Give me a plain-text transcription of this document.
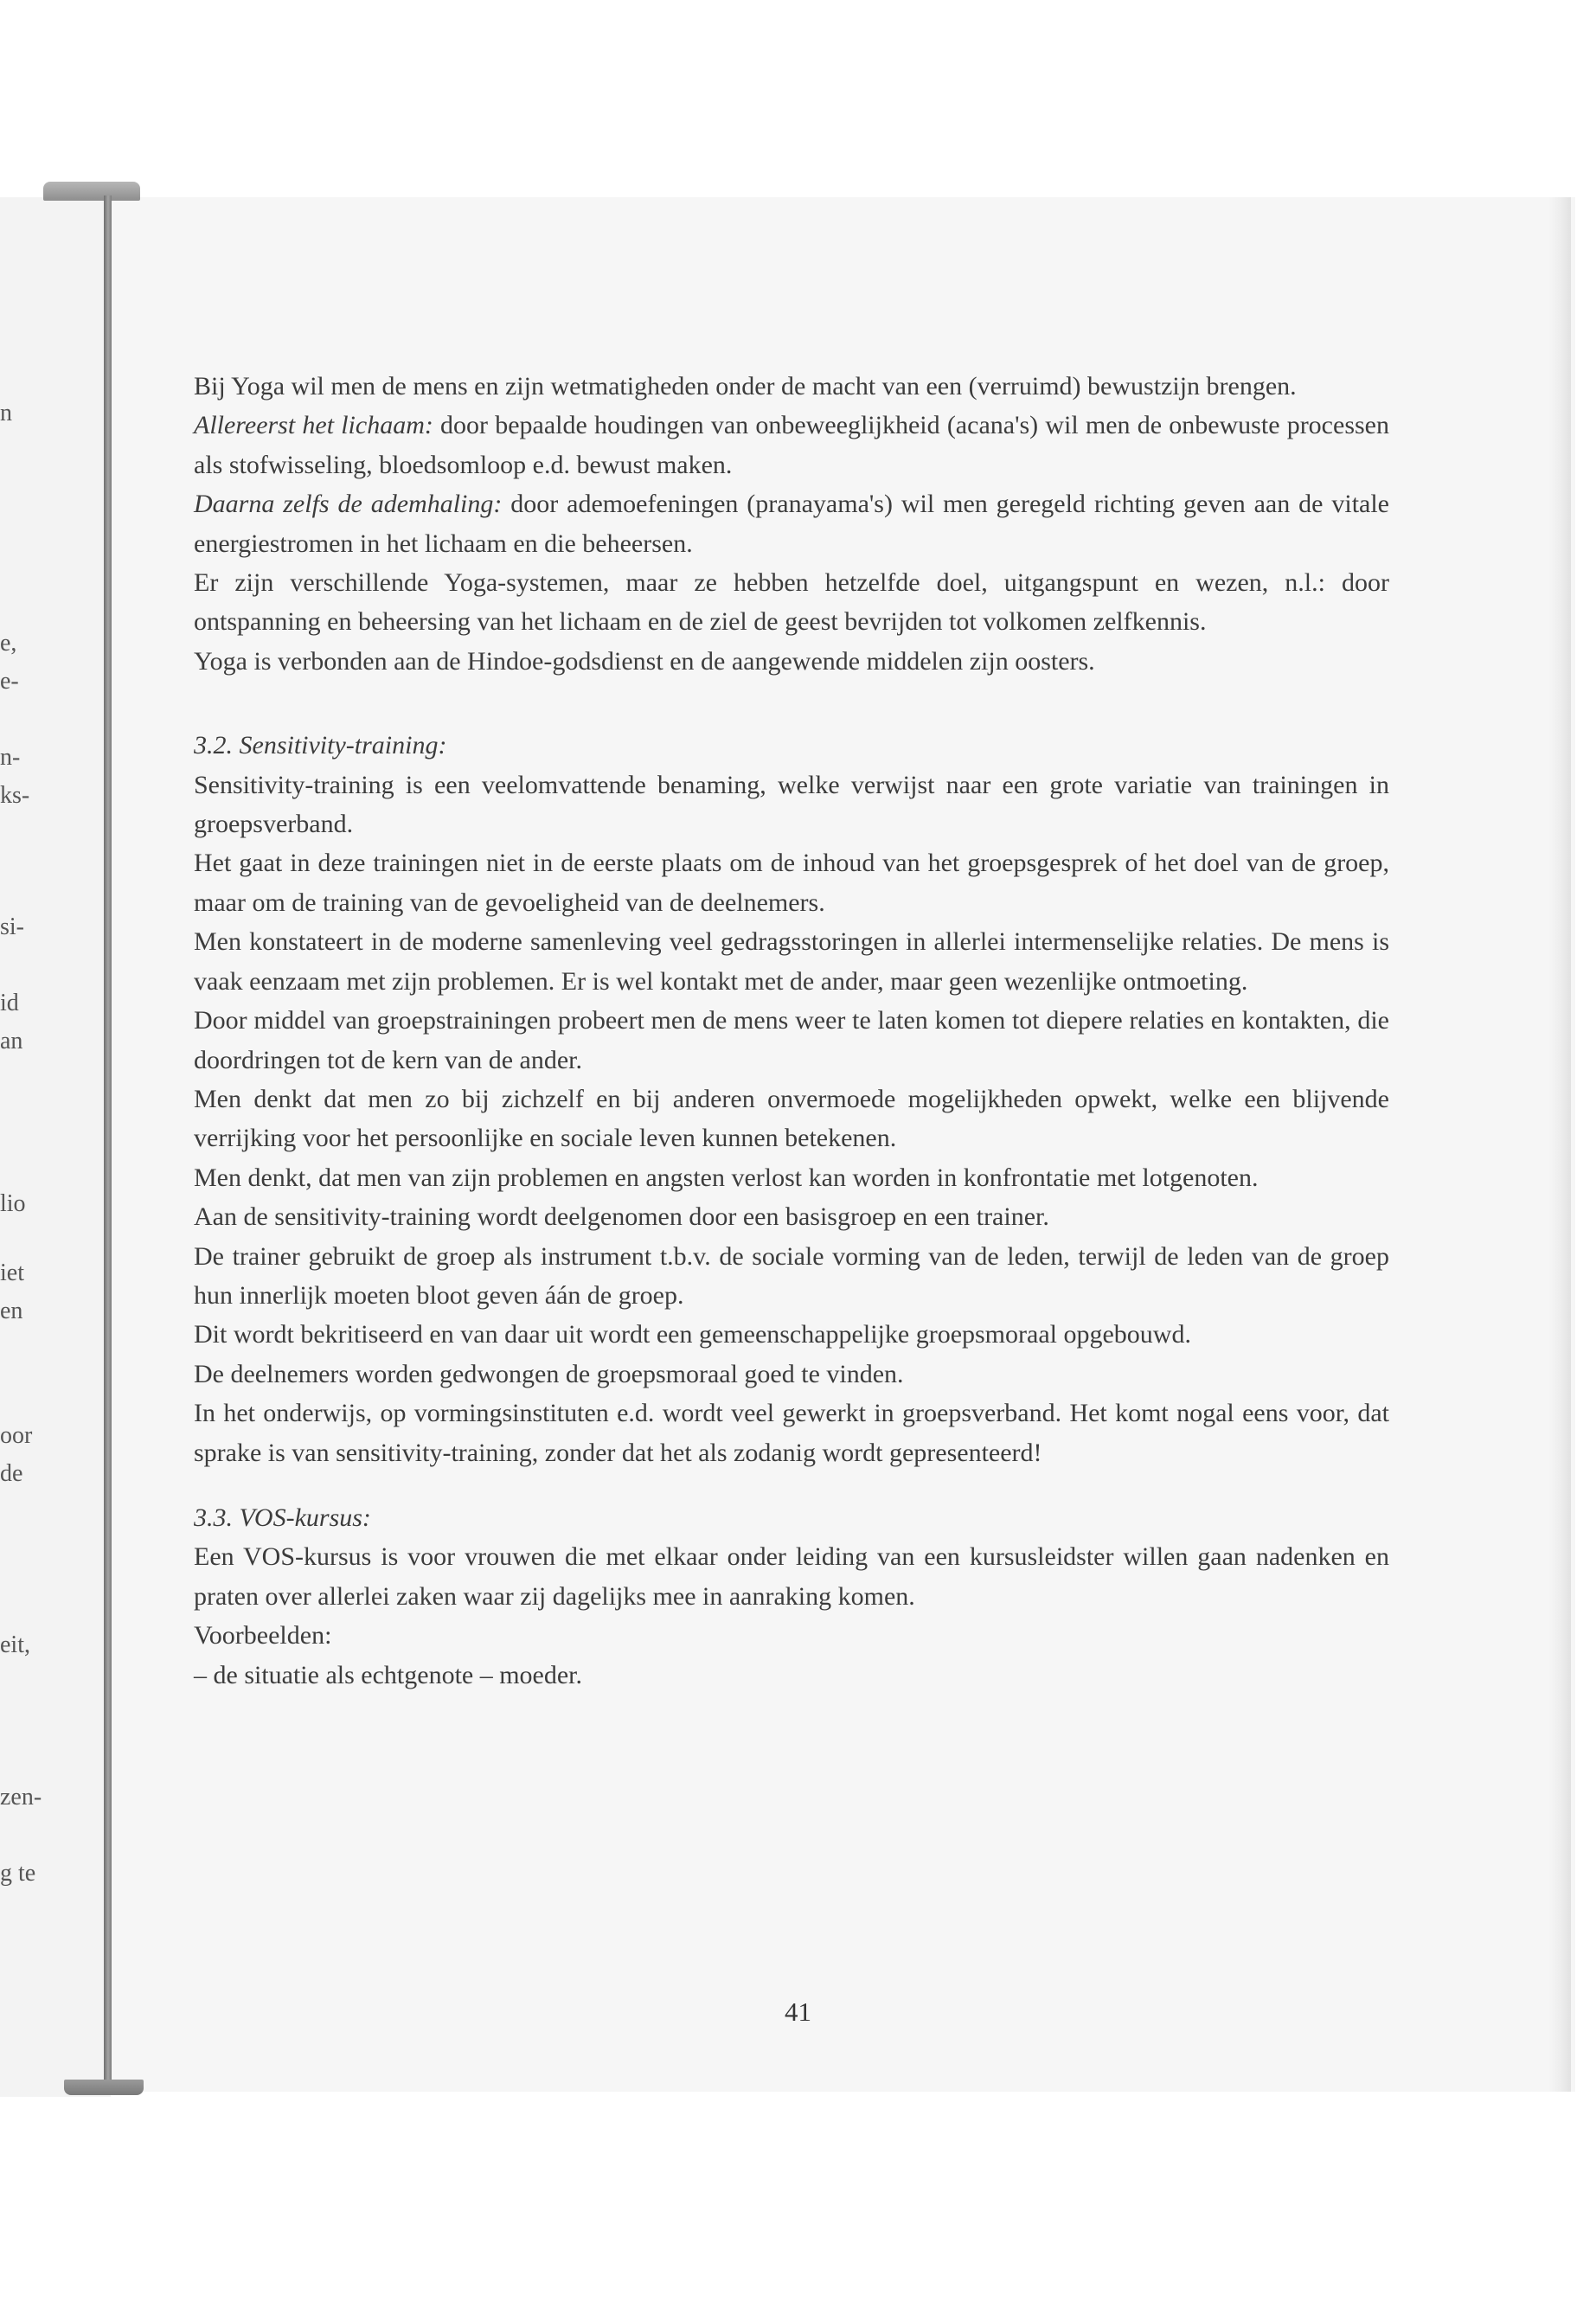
n
e,
e-
n-
ks-
si-
id
an
lio
iet
en
oor
de
eit,
zen-
g te

Bij Yoga wil men de mens en zijn wetmatigheden onder de macht van een (verruimd) bewustzijn brengen.

Allereerst het lichaam: door bepaalde houdingen van onbeweeglijkheid (acana's) wil men de onbewuste processen als stofwisseling, bloedsomloop e.d. bewust maken.

Daarna zelfs de ademhaling: door ademoefeningen (pranayama's) wil men geregeld richting geven aan de vitale energiestromen in het lichaam en die beheersen.

Er zijn verschillende Yoga-systemen, maar ze hebben hetzelfde doel, uitgangspunt en wezen, n.l.: door ontspanning en beheersing van het lichaam en de ziel de geest bevrijden tot volkomen zelfkennis.

Yoga is verbonden aan de Hindoe-godsdienst en de aangewende middelen zijn oosters.

3.2. Sensitivity-training:

Sensitivity-training is een veelomvattende benaming, welke verwijst naar een grote variatie van trainingen in groepsverband.

Het gaat in deze trainingen niet in de eerste plaats om de inhoud van het groepsgesprek of het doel van de groep, maar om de training van de gevoeligheid van de deelnemers.

Men konstateert in de moderne samenleving veel gedragsstoringen in allerlei intermenselijke relaties. De mens is vaak eenzaam met zijn problemen. Er is wel kontakt met de ander, maar geen wezenlijke ontmoeting.

Door middel van groepstrainingen probeert men de mens weer te laten komen tot diepere relaties en kontakten, die doordringen tot de kern van de ander.

Men denkt dat men zo bij zichzelf en bij anderen onvermoede mogelijkheden opwekt, welke een blijvende verrijking voor het persoonlijke en sociale leven kunnen betekenen.

Men denkt, dat men van zijn problemen en angsten verlost kan worden in konfrontatie met lotgenoten.

Aan de sensitivity-training wordt deelgenomen door een basisgroep en een trainer.

De trainer gebruikt de groep als instrument t.b.v. de sociale vorming van de leden, terwijl de leden van de groep hun innerlijk moeten bloot geven áán de groep.

Dit wordt bekritiseerd en van daar uit wordt een gemeenschappelijke groepsmoraal opgebouwd.

De deelnemers worden gedwongen de groepsmoraal goed te vinden.

In het onderwijs, op vormingsinstituten e.d. wordt veel gewerkt in groepsverband. Het komt nogal eens voor, dat sprake is van sensitivity-training, zonder dat het als zodanig wordt gepresenteerd!

3.3. VOS-kursus:

Een VOS-kursus is voor vrouwen die met elkaar onder leiding van een kursusleidster willen gaan nadenken en praten over allerlei zaken waar zij dagelijks mee in aanraking komen.

Voorbeelden:

– de situatie als echtgenote – moeder.

41
